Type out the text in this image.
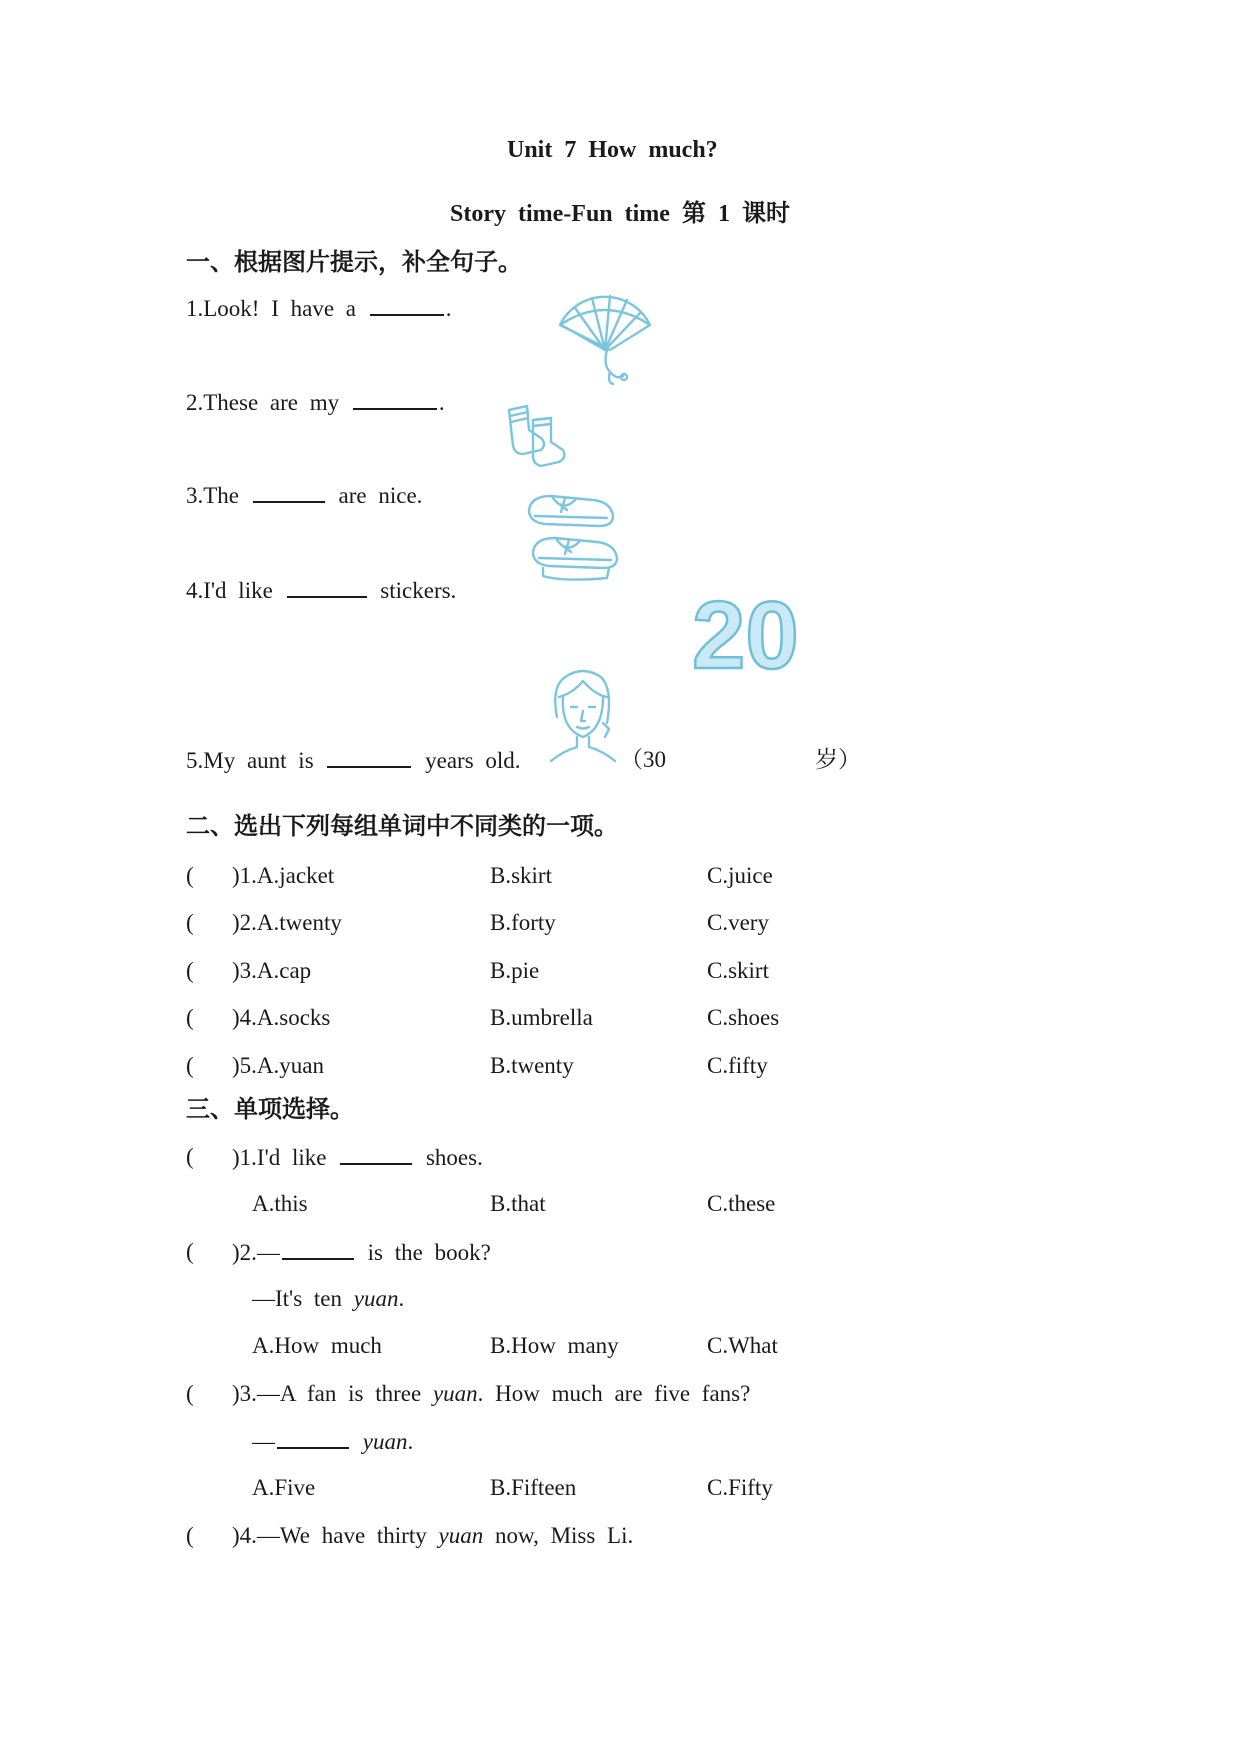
Unit 7 How much?
Story time-Fun time 第 1 课时
一、根据图片提示，补全句子。
1.Look! I have a	.
2.These are my	.
3.The	are nice.
4.I'd like	stickers.
5.My aunt is	years old.	（30	岁）
20
二、选出下列每组单词中不同类的一项。
( )1.A.jacket	B.skirt	C.juice
( )2.A.twenty	B.forty	C.very
( )3.A.cap	B.pie	C.skirt
( )4.A.socks	B.umbrella	C.shoes
( )5.A.yuan	B.twenty	C.fifty
三、单项选择。
( )1.I'd like	shoes.
A.this	B.that	C.these
( )2.—	is the book?
—It's ten yuan.
A.How much	B.How many	C.What
( )3.—A fan is three yuan. How much are five fans?
—	yuan.
A.Five	B.Fifteen	C.Fifty
( )4.—We have thirty yuan now, Miss Li.
